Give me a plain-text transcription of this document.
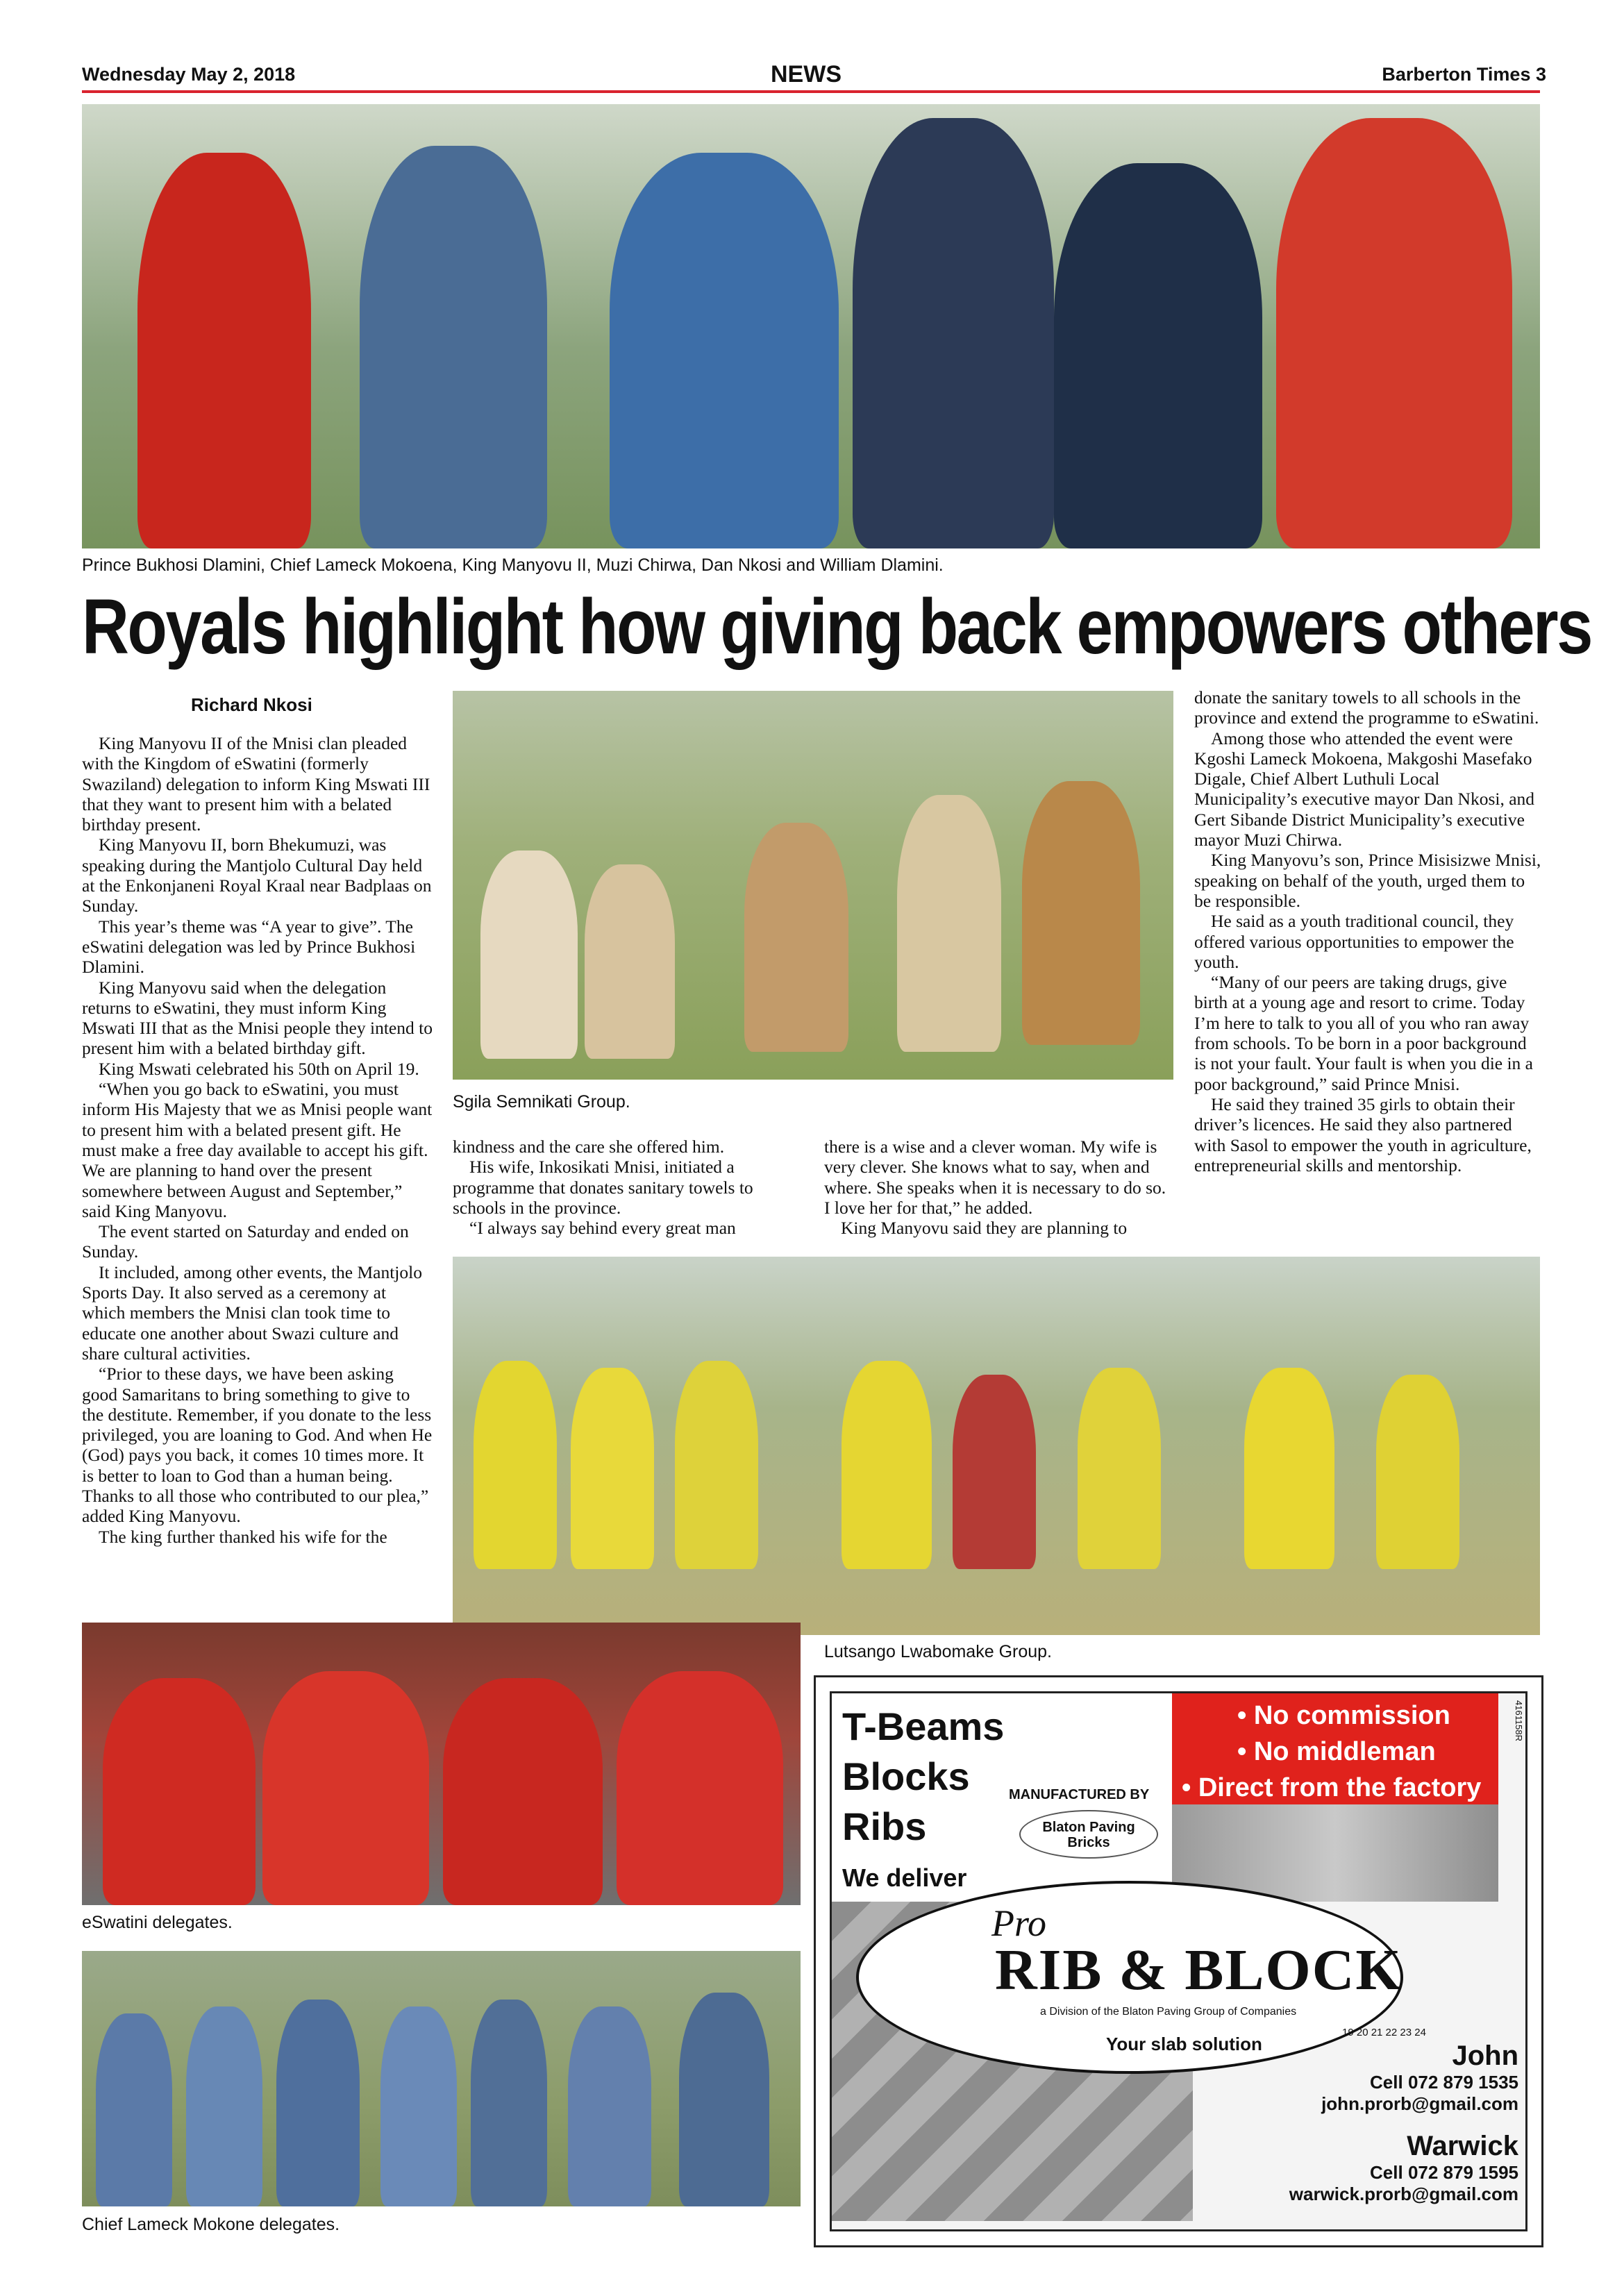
Wednesday May 2, 2018	NEWS	Barberton Times 3
Prince Bukhosi Dlamini, Chief Lameck Mokoena, King Manyovu II, Muzi Chirwa, Dan Nkosi and William Dlamini.
Royals highlight how giving back empowers others
Richard Nkosi

King Manyovu II of the Mnisi clan pleaded with the Kingdom of eSwatini (formerly Swaziland) delegation to inform King Mswati III that they want to present him with a belated birthday present.

King Manyovu II, born Bhekumuzi, was speaking during the Mantjolo Cultural Day held at the Enkonjaneni Royal Kraal near Badplaas on Sunday.

This year’s theme was “A year to give”. The eSwatini delegation was led by Prince Bukhosi Dlamini.

King Manyovu said when the delegation returns to eSwatini, they must inform King Mswati III that as the Mnisi people they intend to present him with a belated birthday gift.

King Mswati celebrated his 50th on April 19.

“When you go back to eSwatini, you must inform His Majesty that we as Mnisi people want to present him with a belated present gift. He must make a free day available to accept his gift. We are planning to hand over the present somewhere between August and September,” said King Manyovu.

The event started on Saturday and ended on Sunday.

It included, among other events, the Mantjolo Sports Day. It also served as a ceremony at which members the Mnisi clan took time to educate one another about Swazi culture and share cultural activities.

“Prior to these days, we have been asking good Samaritans to bring something to give to the destitute. Remember, if you donate to the less privileged, you are loaning to God. And when He (God) pays you back, it comes 10 times more. It is better to loan to God than a human being. Thanks to all those who contributed to our plea,” added King Manyovu.

The king further thanked his wife for the

Sgila Semnikati Group.

kindness and the care she offered him.

His wife, Inkosikati Mnisi, initiated a programme that donates sanitary towels to schools in the province.

“I always say behind every great man

there is a wise and a clever woman. My wife is very clever. She knows what to say, when and where. She speaks when it is necessary to do so. I love her for that,” he added.

King Manyovu said they are planning to

donate the sanitary towels to all schools in the province and extend the programme to eSwatini.

Among those who attended the event were Kgoshi Lameck Mokoena, Makgoshi Masefako Digale, Chief Albert Luthuli Local Municipality’s executive mayor Dan Nkosi, and Gert Sibande District Municipality’s executive mayor Muzi Chirwa.

King Manyovu’s son, Prince Misisizwe Mnisi, speaking on behalf of the youth, urged them to be responsible.

He said as a youth traditional council, they offered various opportunities to empower the youth.

“Many of our peers are taking drugs, give birth at a young age and resort to crime. Today I’m here to talk to you all of you who ran away from schools. To be born in a poor background is not your fault. Your fault is when you die in a poor background,” said Prince Mnisi.

He said they trained 35 girls to obtain their driver’s licences. He said they also partnered with Sasol to empower the youth in agriculture, entrepreneurial skills and mentorship.

Lutsango Lwabomake Group.
eSwatini delegates.
Chief Lameck Mokone delegates.
T-Beams
Blocks
Ribs
We deliver
MANUFACTURED BY
Blaton Paving Bricks
• No commission
• No middleman
• Direct from the factory
Pro
RIB & BLOCK
a Division of the Blaton Paving Group of Companies
Your slab solution
19 20 21 22 23 24
John
Cell 072 879 1535
john.prorb@gmail.com
Warwick
Cell 072 879 1595
warwick.prorb@gmail.com
4161158R
